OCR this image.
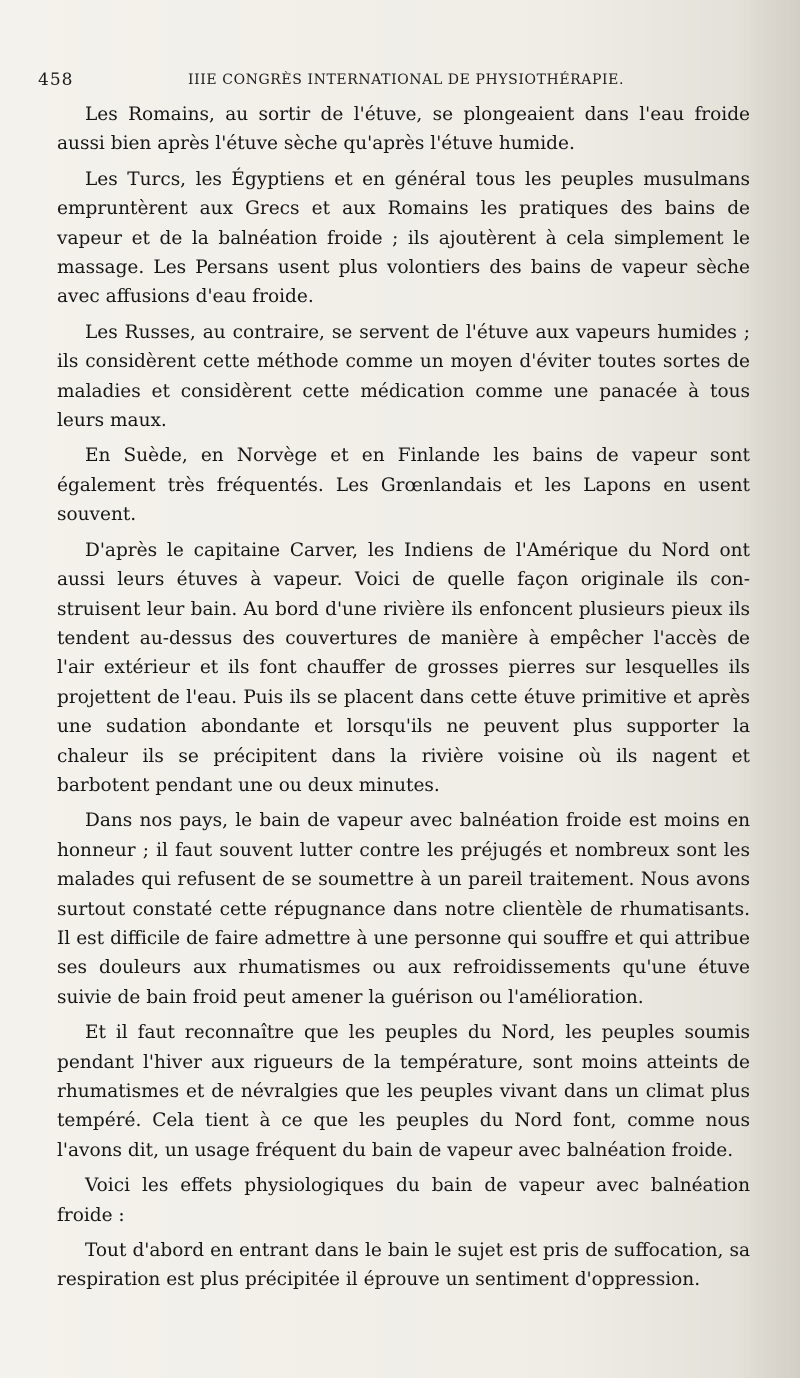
458	IIIE CONGRÈS INTERNATIONAL DE PHYSIOTHÉRAPIE.

Les Romains, au sortir de l'étuve, se plongeaient dans l'eau froide aussi bien après l'étuve sèche qu'après l'étuve humide.

Les Turcs, les Égyptiens et en général tous les peuples musulmans empruntèrent aux Grecs et aux Romains les pratiques des bains de vapeur et de la balnéation froide ; ils ajoutèrent à cela simplement le massage. Les Persans usent plus volontiers des bains de vapeur sèche avec affusions d'eau froide.

Les Russes, au contraire, se servent de l'étuve aux vapeurs humides ; ils considèrent cette méthode comme un moyen d'éviter toutes sortes de maladies et considèrent cette médication comme une panacée à tous leurs maux.

En Suède, en Norvège et en Finlande les bains de vapeur sont également très fréquentés. Les Grœnlandais et les Lapons en usent souvent.

D'après le capitaine Carver, les Indiens de l'Amérique du Nord ont aussi leurs étuves à vapeur. Voici de quelle façon originale ils construisent leur bain. Au bord d'une rivière ils enfoncent plusieurs pieux ils tendent au-dessus des couvertures de manière à empêcher l'accès de l'air extérieur et ils font chauffer de grosses pierres sur lesquelles ils projettent de l'eau. Puis ils se placent dans cette étuve primitive et après une sudation abondante et lorsqu'ils ne peuvent plus supporter la chaleur ils se précipitent dans la rivière voisine où ils nagent et barbotent pendant une ou deux minutes.

Dans nos pays, le bain de vapeur avec balnéation froide est moins en honneur ; il faut souvent lutter contre les préjugés et nombreux sont les malades qui refusent de se soumettre à un pareil traitement. Nous avons surtout constaté cette répugnance dans notre clientèle de rhumatisants. Il est difficile de faire admettre à une personne qui souffre et qui attribue ses douleurs aux rhumatismes ou aux refroidissements qu'une étuve suivie de bain froid peut amener la guérison ou l'amélioration.

Et il faut reconnaître que les peuples du Nord, les peuples soumis pendant l'hiver aux rigueurs de la température, sont moins atteints de rhumatismes et de névralgies que les peuples vivant dans un climat plus tempéré. Cela tient à ce que les peuples du Nord font, comme nous l'avons dit, un usage fréquent du bain de vapeur avec balnéation froide.

Voici les effets physiologiques du bain de vapeur avec balnéation froide :

Tout d'abord en entrant dans le bain le sujet est pris de suffocation, sa respiration est plus précipitée il éprouve un sentiment d'oppression.
